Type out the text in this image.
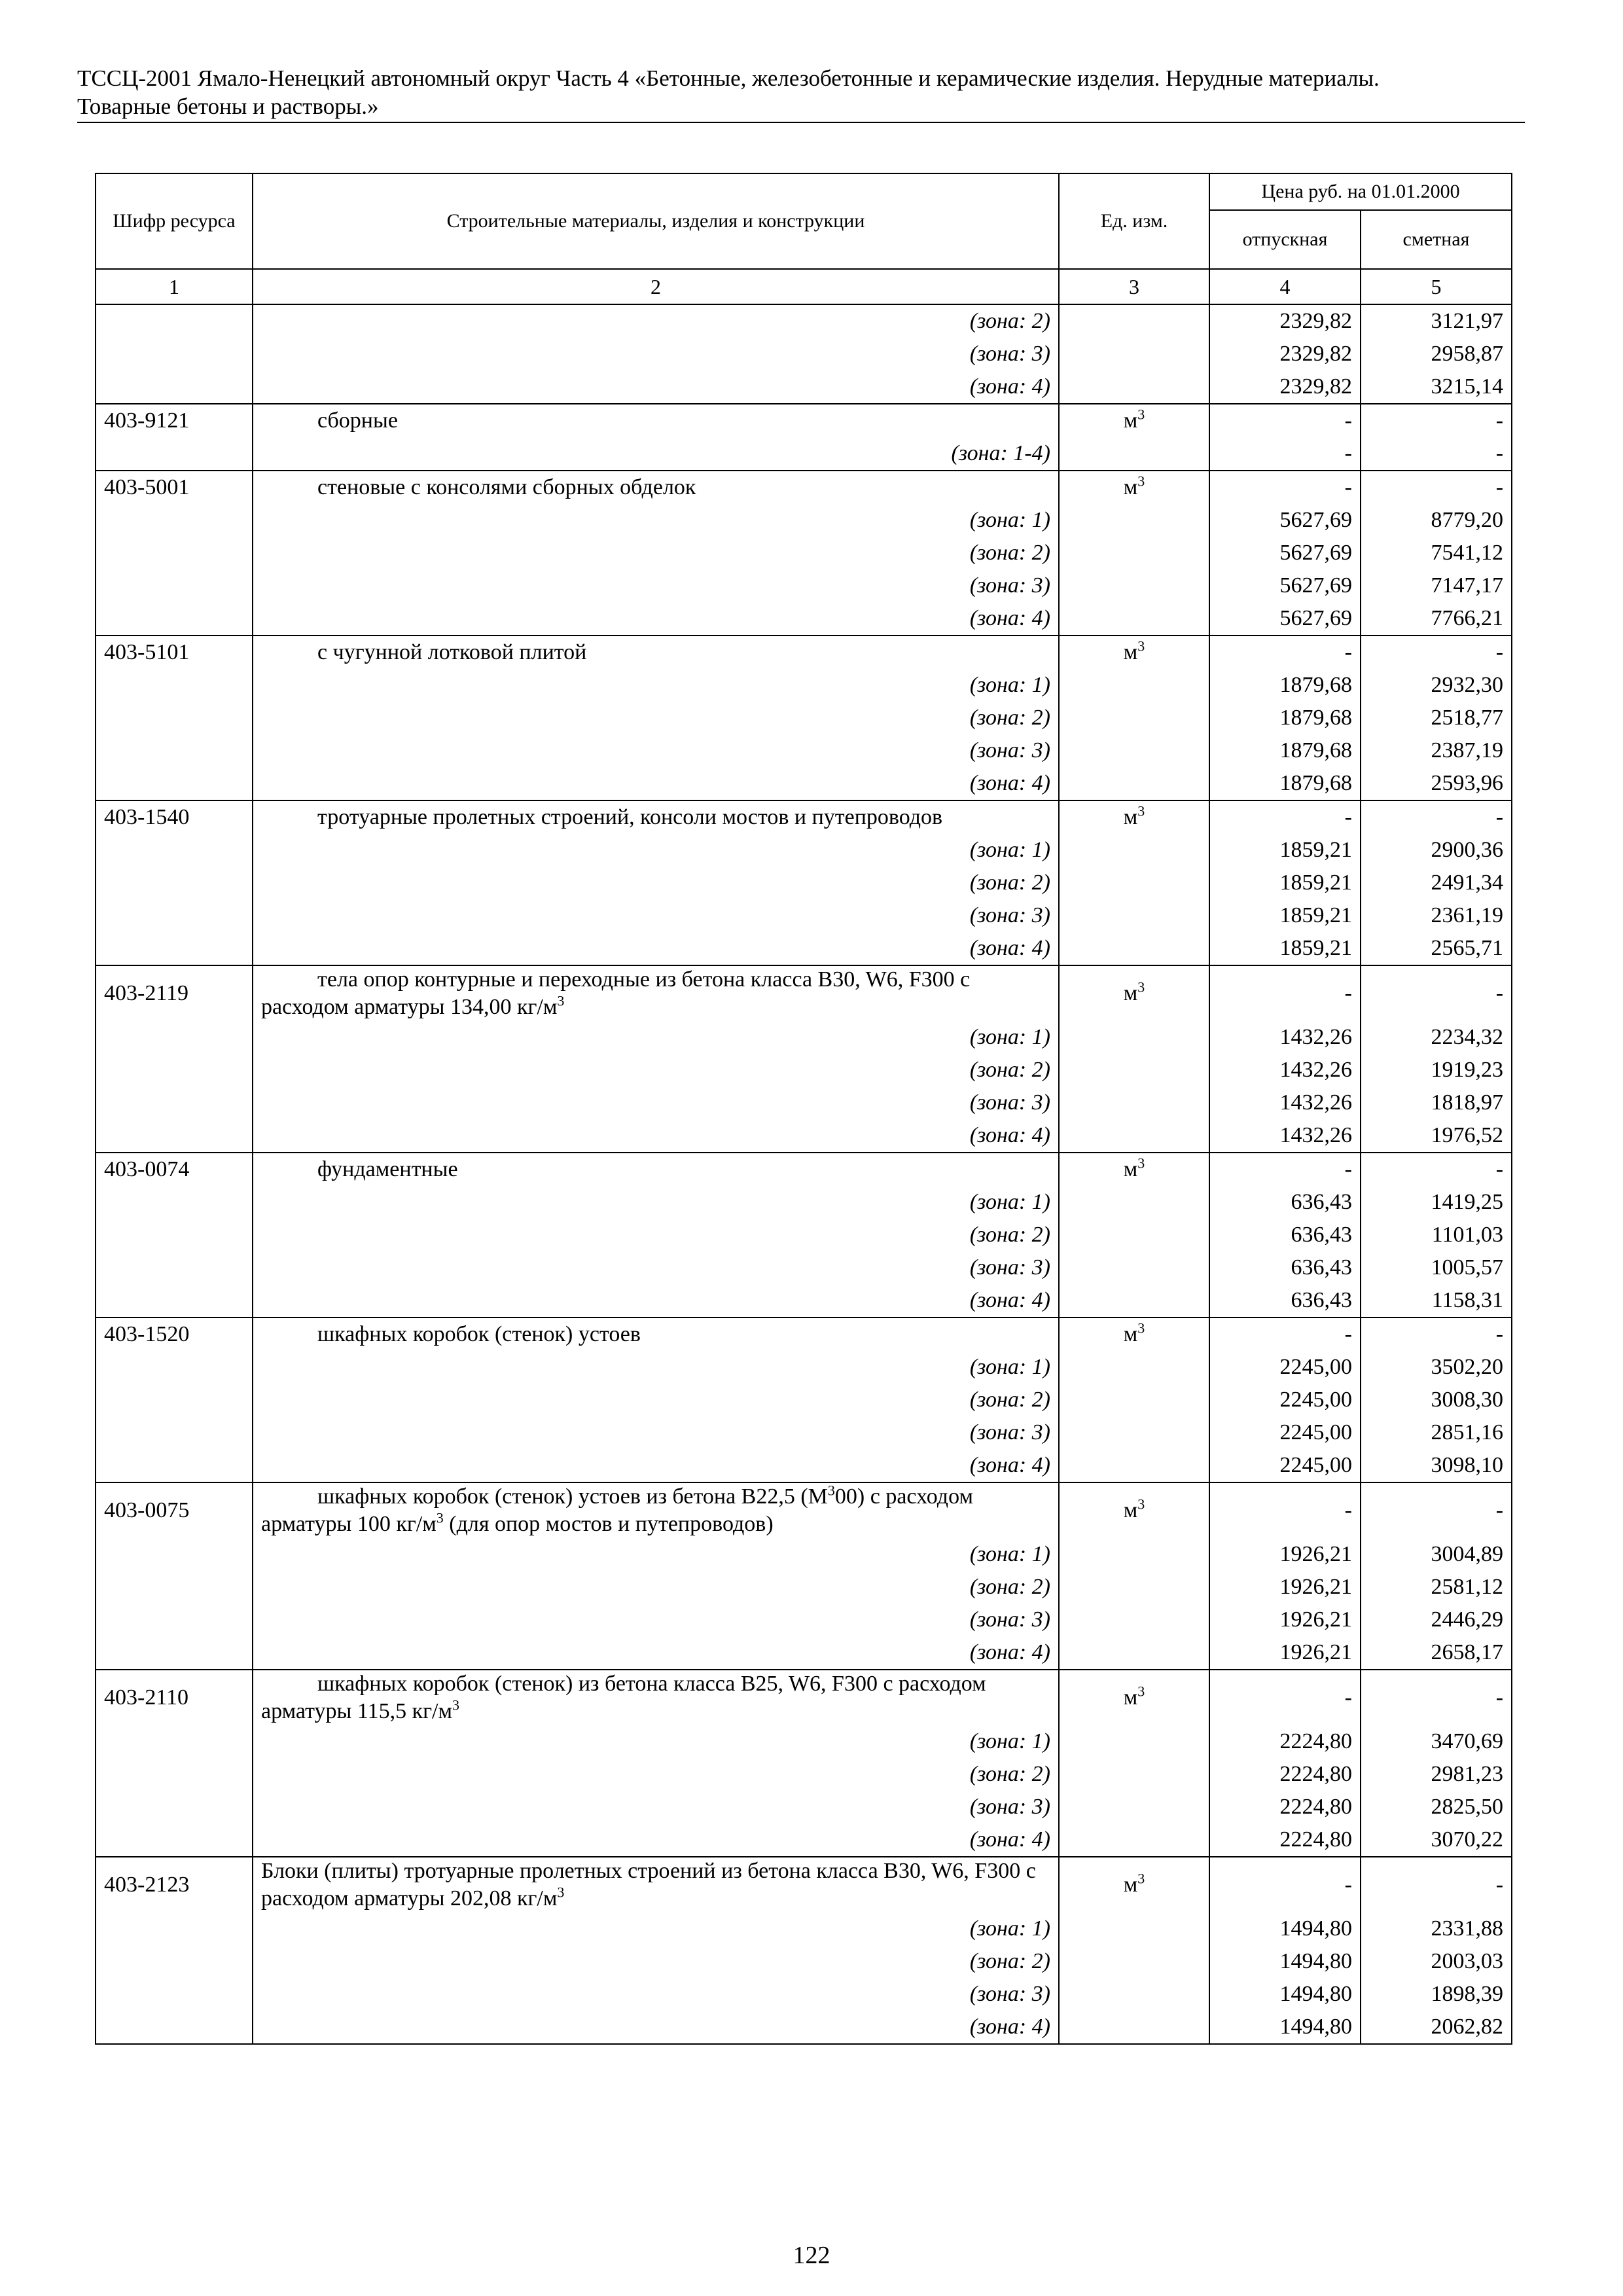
ТССЦ-2001 Ямало-Ненецкий автономный округ Часть 4 «Бетонные, железобетонные и керамические изделия. Нерудные материалы.
Товарные бетоны и растворы.»
Шифр ресурса	Строительные материалы, изделия и конструкции	Ед. изм.	Цена руб. на 01.01.2000	
			отпускная	сметная
1	2	3	4	5
	(зона: 2)		2329,82	3121,97
	(зона: 3)		2329,82	2958,87
	(зона: 4)		2329,82	3215,14
403-9121	сборные	$м^3$	-	-
	(зона: 1-4)		-	-
403-5001	стеновые с консолями сборных обделок	$м^3$	-	-
	(зона: 1)		5627,69	8779,20
	(зона: 2)		5627,69	7541,12
	(зона: 3)		5627,69	7147,17
	(зона: 4)		5627,69	7766,21
403-5101	с чугунной лотковой плитой	$м^3$	-	-
	(зона: 1)		1879,68	2932,30
	(зона: 2)		1879,68	2518,77
	(зона: 3)		1879,68	2387,19
	(зона: 4)		1879,68	2593,96
403-1540	тротуарные пролетных строений, консоли мостов и путепроводов	$м^3$	-	-
	(зона: 1)		1859,21	2900,36
	(зона: 2)		1859,21	2491,34
	(зона: 3)		1859,21	2361,19
	(зона: 4)		1859,21	2565,71
403-2119	тела опор контурные и переходные из бетона класса B30, W6, F300 с расходом арматуры 134,00 $кг/м^3$	$м^3$	-	-
	(зона: 1)		1432,26	2234,32
	(зона: 2)		1432,26	1919,23
	(зона: 3)		1432,26	1818,97
	(зона: 4)		1432,26	1976,52
403-0074	фундаментные	$м^3$	-	-
	(зона: 1)		636,43	1419,25
	(зона: 2)		636,43	1101,03
	(зона: 3)		636,43	1005,57
	(зона: 4)		636,43	1158,31
403-1520	шкафных коробок (стенок) устоев	$м^3$	-	-
	(зона: 1)		2245,00	3502,20
	(зона: 2)		2245,00	3008,30
	(зона: 3)		2245,00	2851,16
	(зона: 4)		2245,00	3098,10
403-0075	шкафных коробок (стенок) устоев из бетона B22,5 $(M^300)$ с расходом арматуры 100 $кг/м^3$ (для опор мостов и путепроводов)	$м^3$	-	-
	(зона: 1)		1926,21	3004,89
	(зона: 2)		1926,21	2581,12
	(зона: 3)		1926,21	2446,29
	(зона: 4)		1926,21	2658,17
403-2110	шкафных коробок (стенок) из бетона класса B25, W6, F300 с расходом арматуры 115,5 $кг/м^3$	$м^3$	-	-
	(зона: 1)		2224,80	3470,69
	(зона: 2)		2224,80	2981,23
	(зона: 3)		2224,80	2825,50
	(зона: 4)		2224,80	3070,22
403-2123	Блоки (плиты) тротуарные пролетных строений из бетона класса B30, W6, F300 с расходом арматуры 202,08 $кг/м^3$	$м^3$	-	-
	(зона: 1)		1494,80	2331,88
	(зона: 2)		1494,80	2003,03
	(зона: 3)		1494,80	1898,39
	(зона: 4)		1494,80	2062,82
122
